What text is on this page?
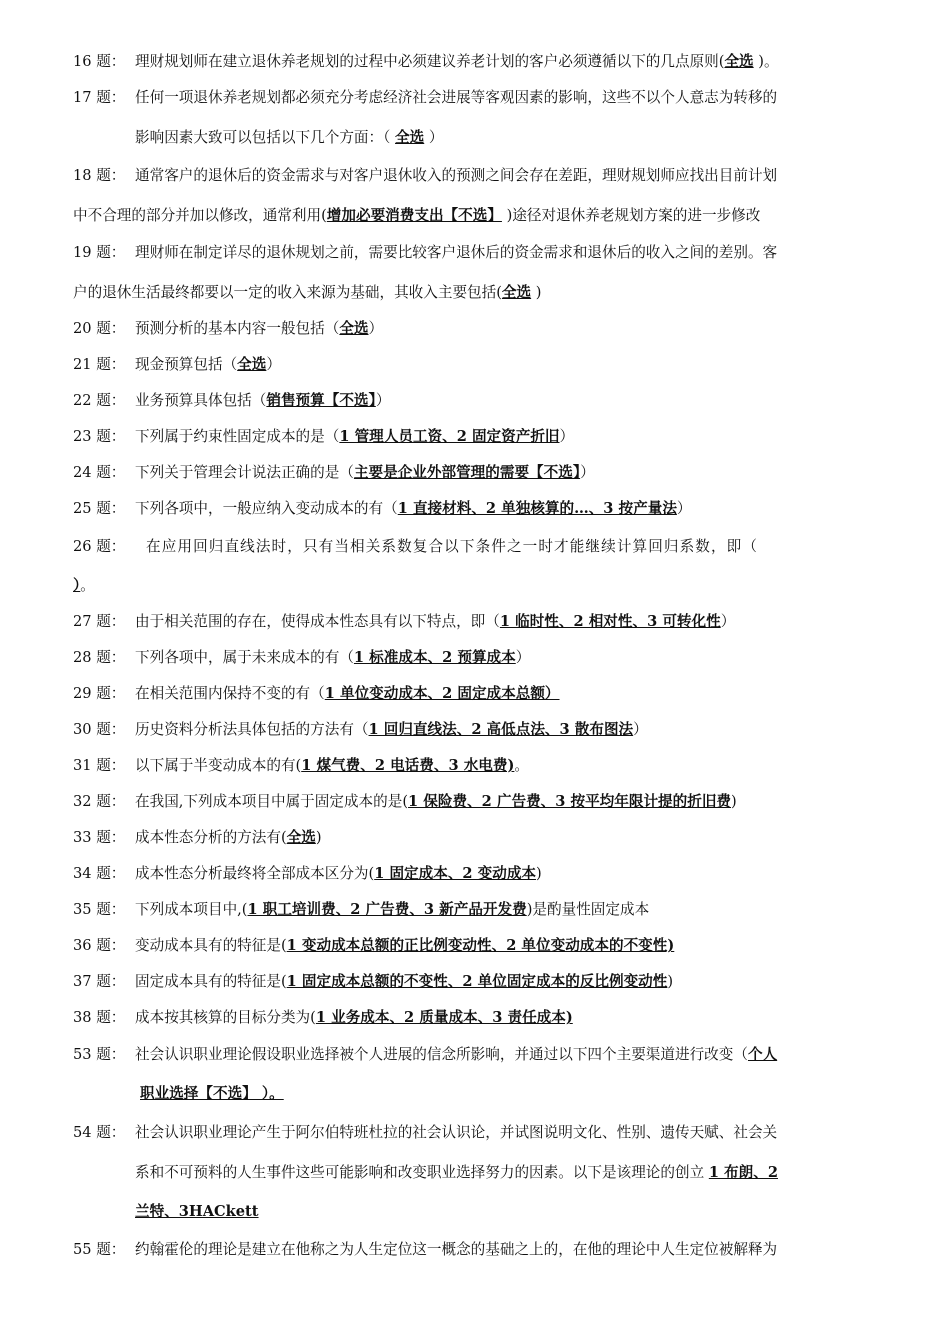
16 题： 理财规划师在建立退休养老规划的过程中必须建议养老计划的客户必须遵循以下的几点原则(全选 )。
17 题： 任何一项退休养老规划都必须充分考虑经济社会进展等客观因素的影响，这些不以个人意志为转移的
影响因素大致可以包括以下几个方面：（ 全选 ）
18 题： 通常客户的退休后的资金需求与对客户退休收入的预测之间会存在差距，理财规划师应找出目前计划
中不合理的部分并加以修改，通常利用(增加必要消费支出【不选】 )途径对退休养老规划方案的进一步修改
19 题： 理财师在制定详尽的退休规划之前，需要比较客户退休后的资金需求和退休后的收入之间的差别。客
户的退休生活最终都要以一定的收入来源为基础，其收入主要包括(全选 )
20 题： 预测分析的基本内容一般包括（全选）
21 题： 现金预算包括（全选）
22 题： 业务预算具体包括（销售预算【不选】）
23 题： 下列属于约束性固定成本的是（1 管理人员工资、2 固定资产折旧）
24 题： 下列关于管理会计说法正确的是（主要是企业外部管理的需要【不选】）
25 题： 下列各项中，一般应纳入变动成本的有（1 直接材料、2 单独核算的…、3 按产量法）
26 题：	在应用回归直线法时，只有当相关系数复合以下条件之一时才能继续计算回归系数，即（
）。
27 题： 由于相关范围的存在，使得成本性态具有以下特点，即（1 临时性、2 相对性、3 可转化性）
28 题： 下列各项中，属于未来成本的有（1 标准成本、2 预算成本）
29 题： 在相关范围内保持不变的有（1 单位变动成本、2 固定成本总额）
30 题： 历史资料分析法具体包括的方法有（1 回归直线法、2 高低点法、3 散布图法）
31 题： 以下属于半变动成本的有(1 煤气费、2 电话费、3 水电费)。
32 题： 在我国,下列成本项目中属于固定成本的是(1 保险费、2 广告费、3 按平均年限计提的折旧费)
33 题： 成本性态分析的方法有(全选)
34 题： 成本性态分析最终将全部成本区分为(1 固定成本、2 变动成本)
35 题： 下列成本项目中,(1 职工培训费、2 广告费、3 新产品开发费)是酌量性固定成本
36 题： 变动成本具有的特征是(1 变动成本总额的正比例变动性、2 单位变动成本的不变性)
37 题： 固定成本具有的特征是(1 固定成本总额的不变性、2 单位固定成本的反比例变动性)
38 题： 成本按其核算的目标分类为(1 业务成本、2 质量成本、3 责任成本)
53 题： 社会认识职业理论假设职业选择被个人进展的信念所影响，并通过以下四个主要渠道进行改变（个人
职业选择【不选】 ）。
54 题： 社会认识职业理论产生于阿尔伯特班杜拉的社会认识论，并试图说明文化、性别、遗传天赋、社会关
系和不可预料的人生事件这些可能影响和改变职业选择努力的因素。以下是该理论的创立 1 布朗、2
兰特、3HACkett
55 题： 约翰霍伦的理论是建立在他称之为人生定位这一概念的基础之上的，在他的理论中人生定位被解释为
